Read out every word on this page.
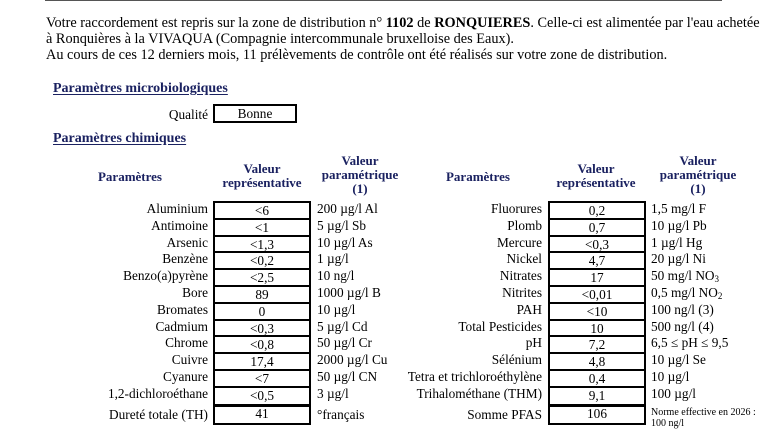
Votre raccordement est repris sur la zone de distribution n° 1102 de RONQUIERES. Celle-ci est alimentée par l'eau achetée à Ronquières à la VIVAQUA (Compagnie intercommunale bruxelloise des Eaux).

Au cours de ces 12 derniers mois, 11 prélèvements de contrôle ont été réalisés sur votre zone de distribution.

Paramètres microbiologiques
Qualité	Bonne
Paramètres chimiques
Paramètres
Valeur
représentative
Valeur
paramétrique
(1)
Paramètres
Valeur
représentative
Valeur
paramétrique
(1)
Aluminium
Antimoine
Arsenic
Benzène
Benzo(a)pyrène
Bore
Bromates
Cadmium
Chrome
Cuivre
Cyanure
1,2-dichloroéthane
Dureté totale (TH)
<6
<1
<1,3
<0,2
<2,5
89
0
<0,3
<0,8
17,4
<7
<0,5
41
200 µg/l Al
5 µg/l Sb
10 µg/l As
1 µg/l
10 ng/l
1000 µg/l B
10 µg/l
5 µg/l Cd
50 µg/l Cr
2000 µg/l Cu
50 µg/l CN
3 µg/l
°français
Fluorures
Plomb
Mercure
Nickel
Nitrates
Nitrites
PAH
Total Pesticides
pH
Sélénium
Tetra et trichloroéthylène
Trihalométhane (THM)
Somme PFAS
0,2
0,7
<0,3
4,7
17
<0,01
<10
10
7,2
4,8
0,4
9,1
106
1,5 mg/l F
10 µg/l Pb
1 µg/l Hg
20 µg/l Ni
50 mg/l $NO_3$
0,5 mg/l $NO_2$
100 ng/l (3)
500 ng/l (4)
6,5 ≤ pH ≤ 9,5
10 µg/l Se
10 µg/l
100 µg/l
Norme effective en 2026 : 100 ng/l
